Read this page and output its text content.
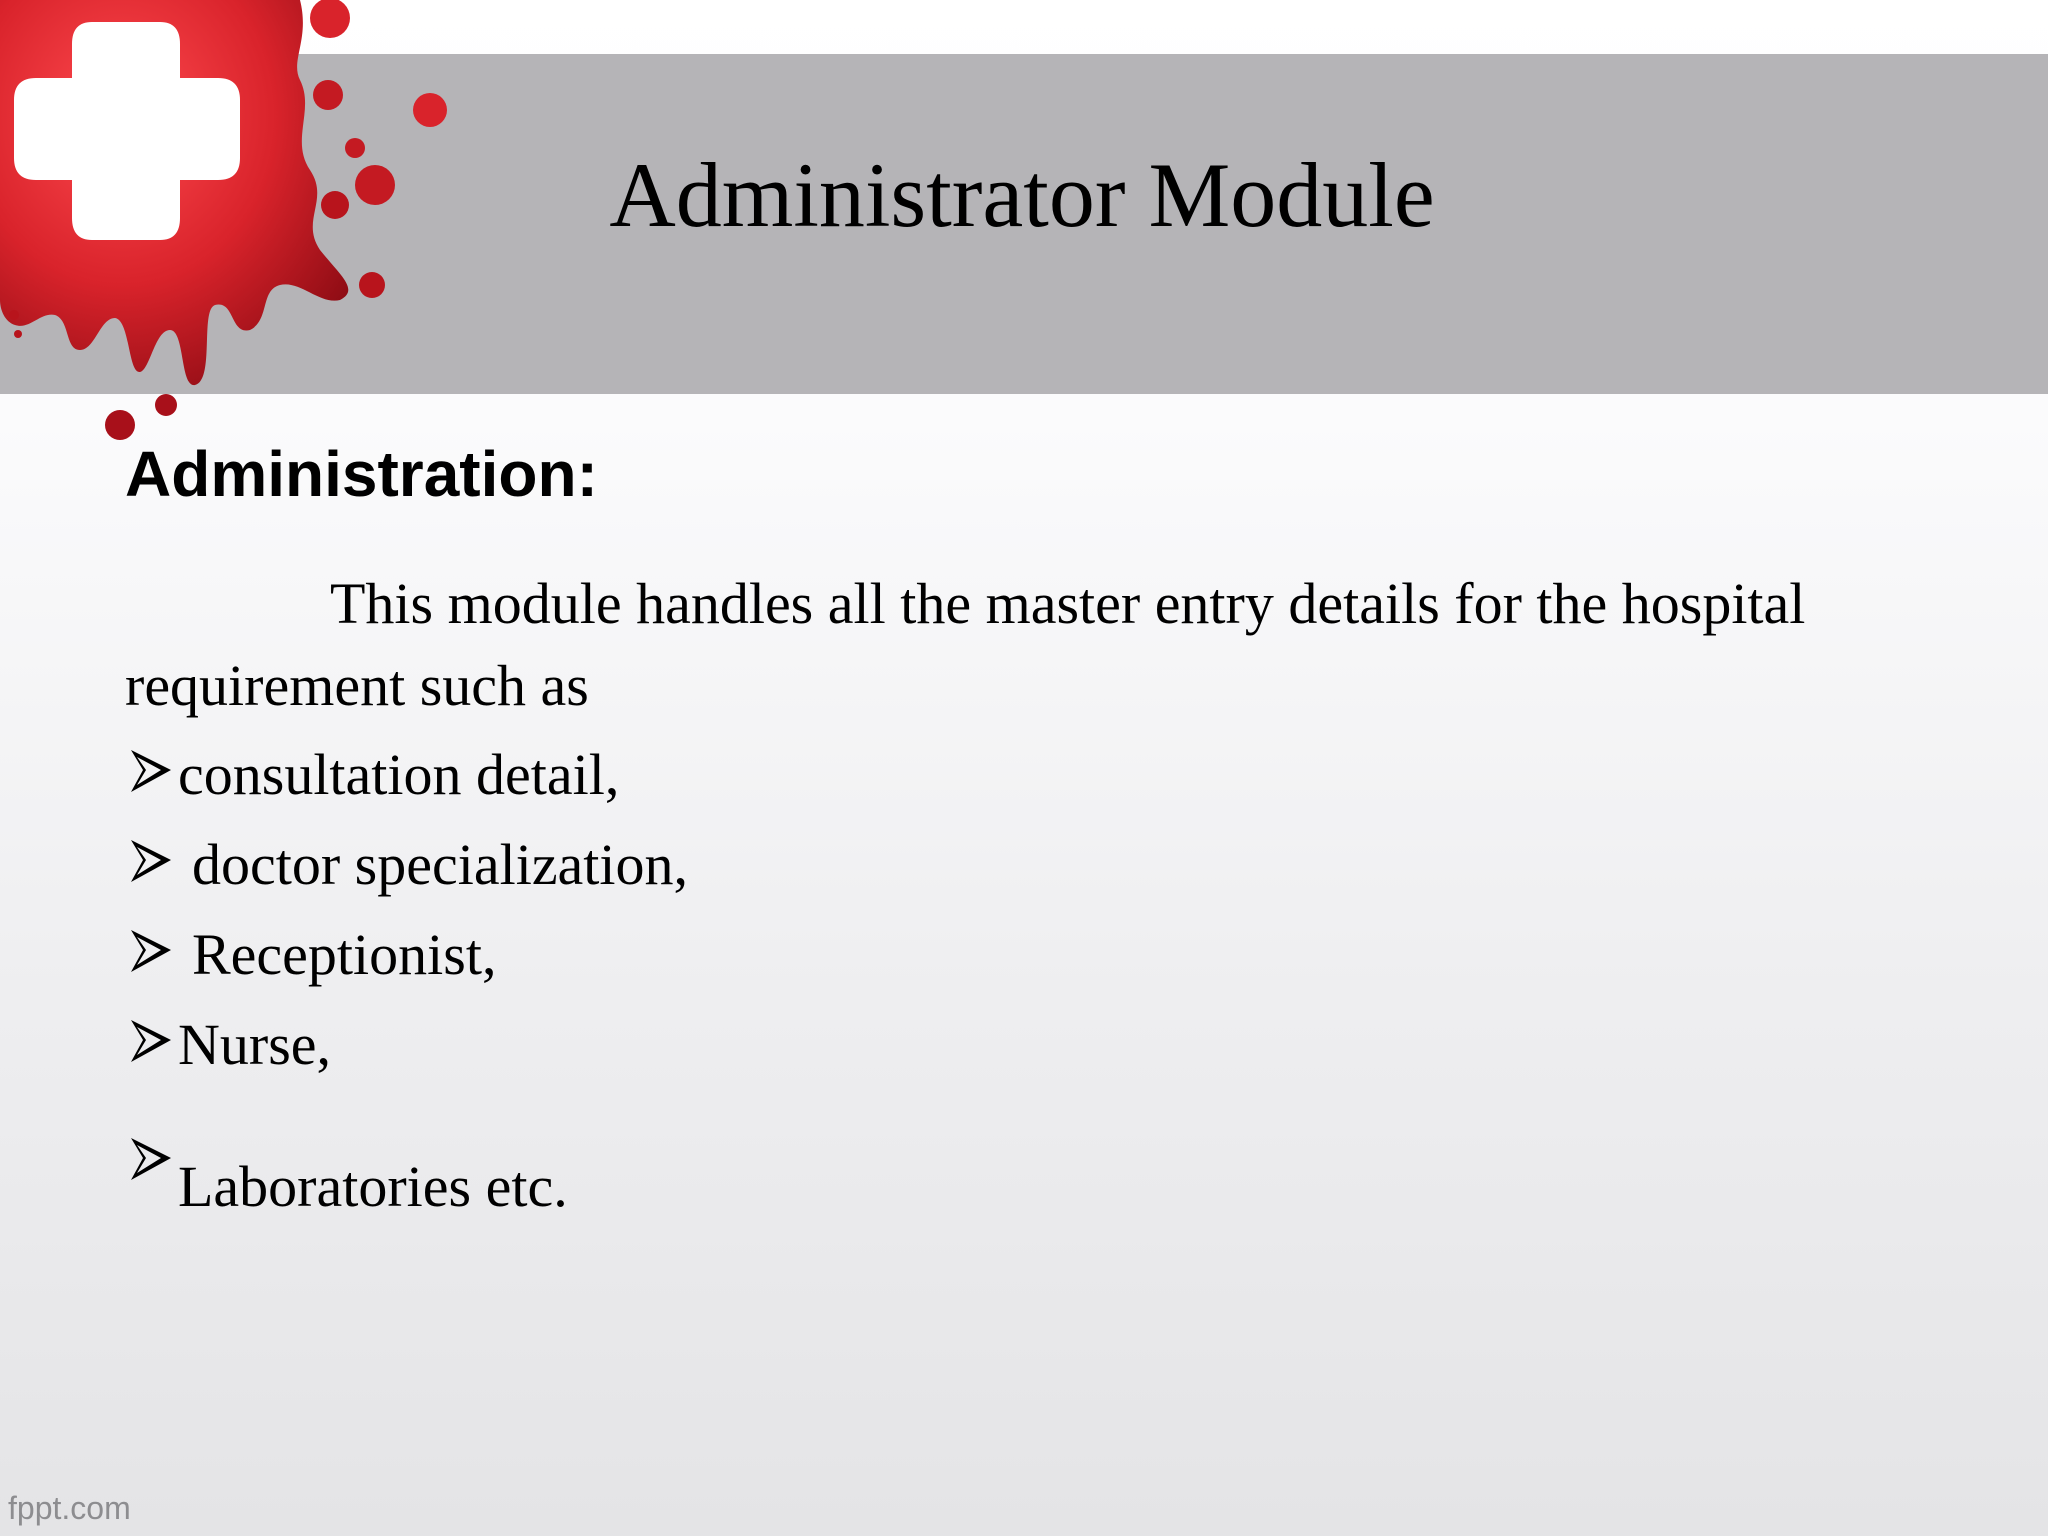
Administrator Module
Administration:
This module handles all the master entry details for the hospital requirement such as
consultation detail,
doctor specialization,
Receptionist,
Nurse,
Laboratories etc.
fppt.com
